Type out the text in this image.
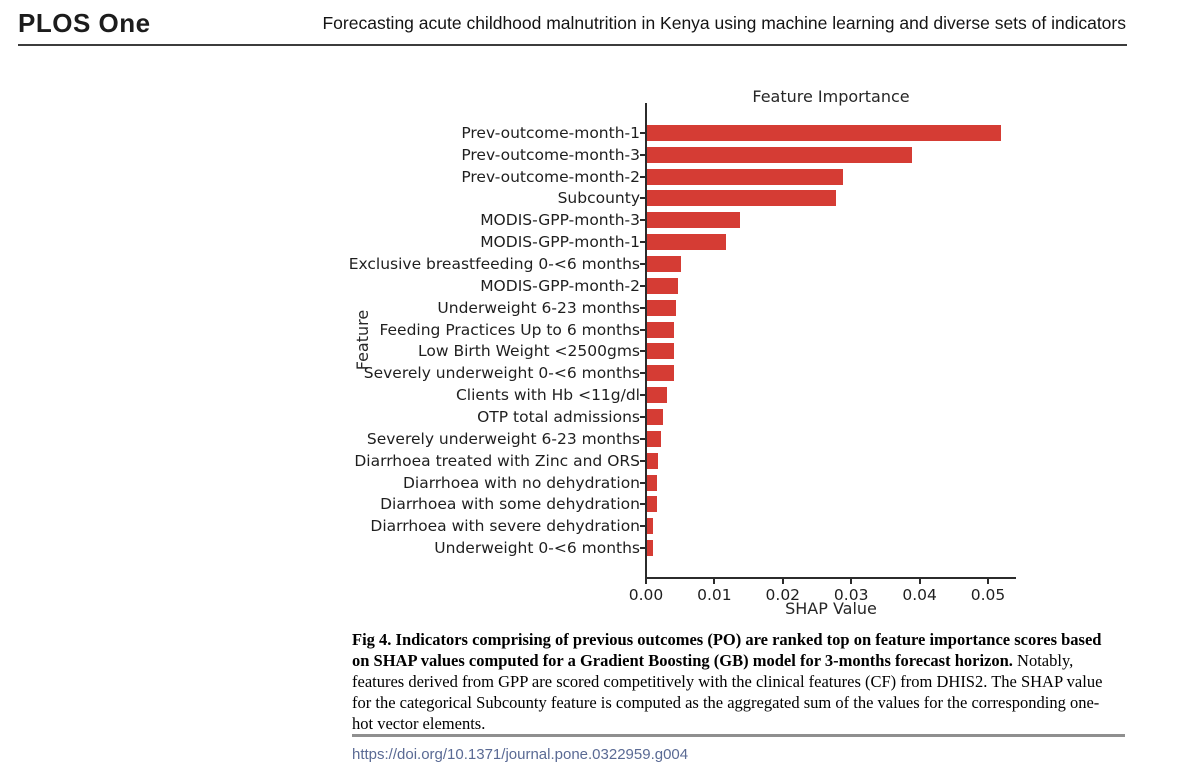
PLOS One	Forecasting acute childhood malnutrition in Kenya using machine learning and diverse sets of indicators
Feature Importance
Feature
Prev-outcome-month-1
Prev-outcome-month-3
Prev-outcome-month-2
Subcounty
MODIS-GPP-month-3
MODIS-GPP-month-1
Exclusive breastfeeding 0-<6 months
MODIS-GPP-month-2
Underweight 6-23 months
Feeding Practices Up to 6 months
Low Birth Weight <2500gms
Severely underweight 0-<6 months
Clients with Hb <11g/dl
OTP total admissions
Severely underweight 6-23 months
Diarrhoea treated with Zinc and ORS
Diarrhoea with no dehydration
Diarrhoea with some dehydration
Diarrhoea with severe dehydration
Underweight 0-<6 months
0.00	0.01	0.02	0.03	0.04	0.05
SHAP Value
Fig 4. Indicators comprising of previous outcomes (PO) are ranked top on feature importance scores based on SHAP values computed for a Gradient Boosting (GB) model for 3-months forecast horizon. Notably, features derived from GPP are scored competitively with the clinical features (CF) from DHIS2. The SHAP value for the categorical Subcounty feature is computed as the aggregated sum of the values for the corresponding one-hot vector elements.
https://doi.org/10.1371/journal.pone.0322959.g004
